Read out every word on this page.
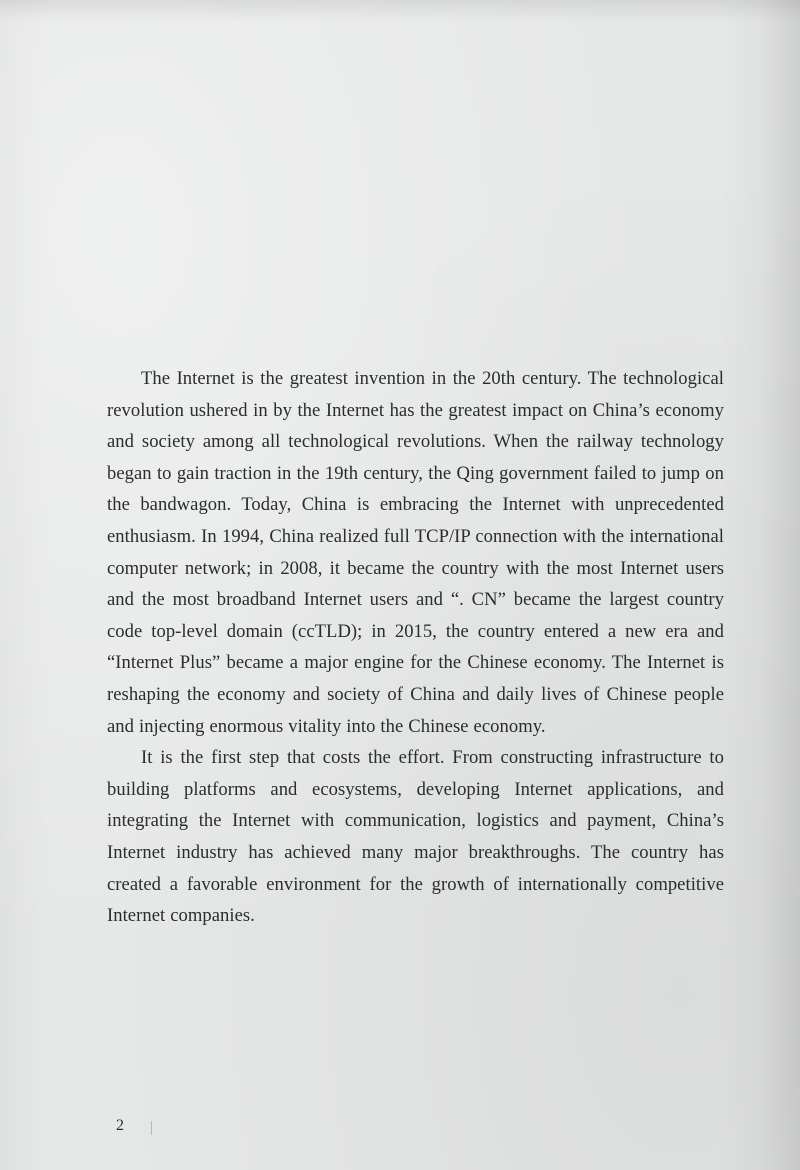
The Internet is the greatest invention in the 20th century. The technological revolution ushered in by the Internet has the greatest impact on China’s economy and society among all technological revolutions. When the railway technology began to gain traction in the 19th century, the Qing government failed to jump on the bandwagon. Today, China is embracing the Internet with unprecedented enthusiasm. In 1994, China realized full TCP/IP connection with the international computer network; in 2008, it became the country with the most Internet users and the most broadband Internet users and “. CN” became the largest country code top-level domain (ccTLD); in 2015, the country entered a new era and “Internet Plus” became a major engine for the Chinese economy. The Internet is reshaping the economy and society of China and daily lives of Chinese people and injecting enormous vitality into the Chinese economy.

It is the first step that costs the effort. From constructing infrastructure to building platforms and ecosystems, developing Internet applications, and integrating the Internet with communication, logistics and payment, China’s Internet industry has achieved many major breakthroughs. The country has created a favorable environment for the growth of internationally competitive Internet companies.

2
